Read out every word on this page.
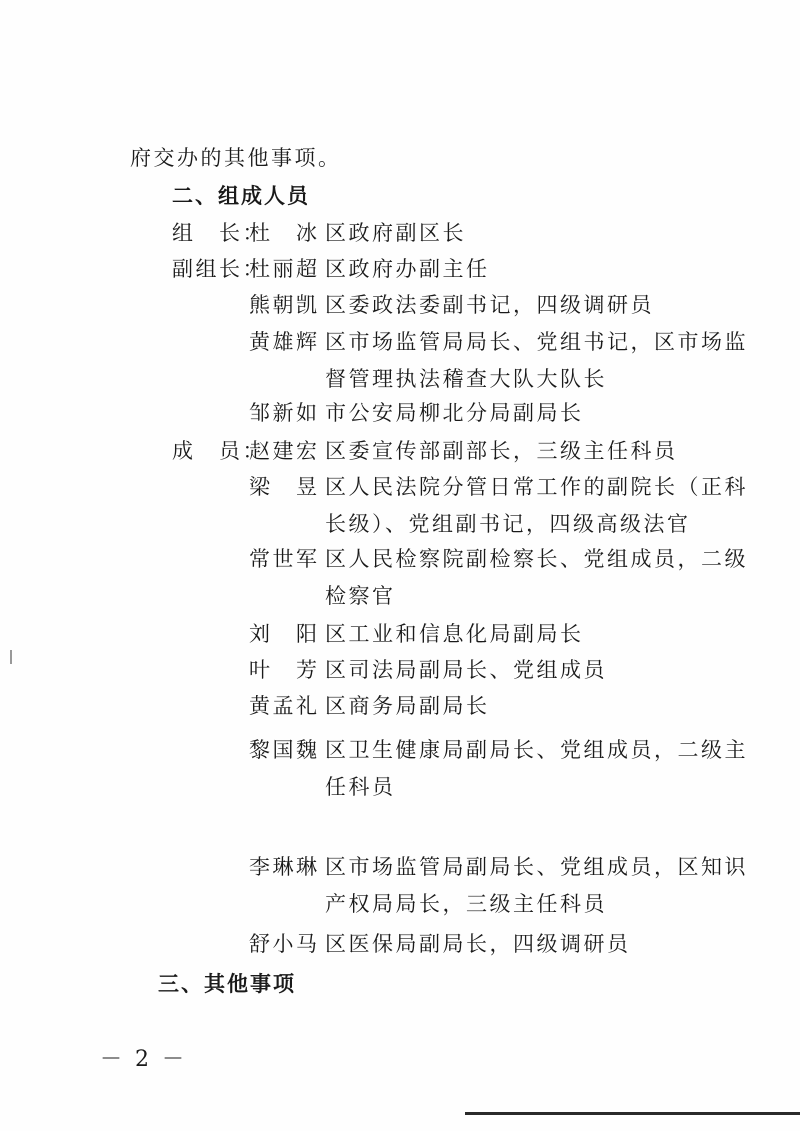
府交办的其他事项。
二、组成人员
组　长：
杜　冰 区政府副区长
副组长：
杜丽超 区政府办副主任
熊朝凯 区委政法委副书记，四级调研员
黄雄辉 区市场监管局局长、党组书记，区市场监
督管理执法稽查大队大队长
邹新如 市公安局柳北分局副局长
成　员：
赵建宏 区委宣传部副部长，三级主任科员
梁　昱 区人民法院分管日常工作的副院长（正科
长级）、党组副书记，四级高级法官
常世军 区人民检察院副检察长、党组成员，二级
检察官
刘　阳 区工业和信息化局副局长
叶　芳 区司法局副局长、党组成员
黄孟礼 区商务局副局长
黎国魏 区卫生健康局副局长、党组成员，二级主
任科员
李琳琳 区市场监管局副局长、党组成员，区知识
产权局局长，三级主任科员
舒小马 区医保局副局长，四级调研员
三、其他事项
－ 2 －
